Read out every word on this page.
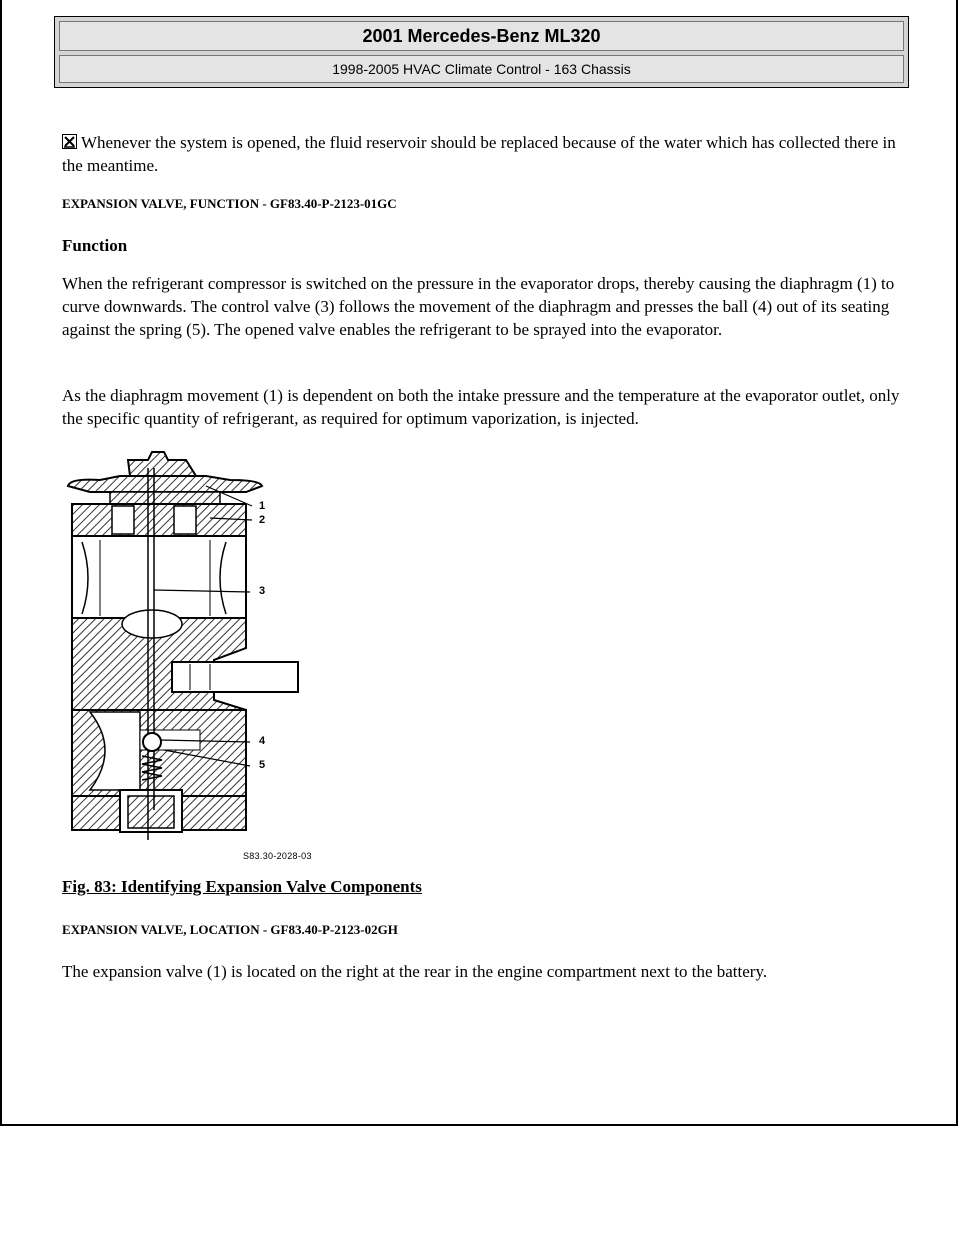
2001 Mercedes-Benz ML320
1998-2005 HVAC Climate Control - 163 Chassis
Whenever the system is opened, the fluid reservoir should be replaced because of the water which has collected there in the meantime.
EXPANSION VALVE, FUNCTION - GF83.40-P-2123-01GC
Function
When the refrigerant compressor is switched on the pressure in the evaporator drops, thereby causing the diaphragm (1) to curve downwards. The control valve (3) follows the movement of the diaphragm and presses the ball (4) out of its seating against the spring (5). The opened valve enables the refrigerant to be sprayed into the evaporator.
As the diaphragm movement (1) is dependent on both the intake pressure and the temperature at the evaporator outlet, only the specific quantity of refrigerant, as required for optimum vaporization, is injected.
1
2
3
4
5
S83.30-2028-03
Fig. 83: Identifying Expansion Valve Components
EXPANSION VALVE, LOCATION - GF83.40-P-2123-02GH
The expansion valve (1) is located on the right at the rear in the engine compartment next to the battery.
